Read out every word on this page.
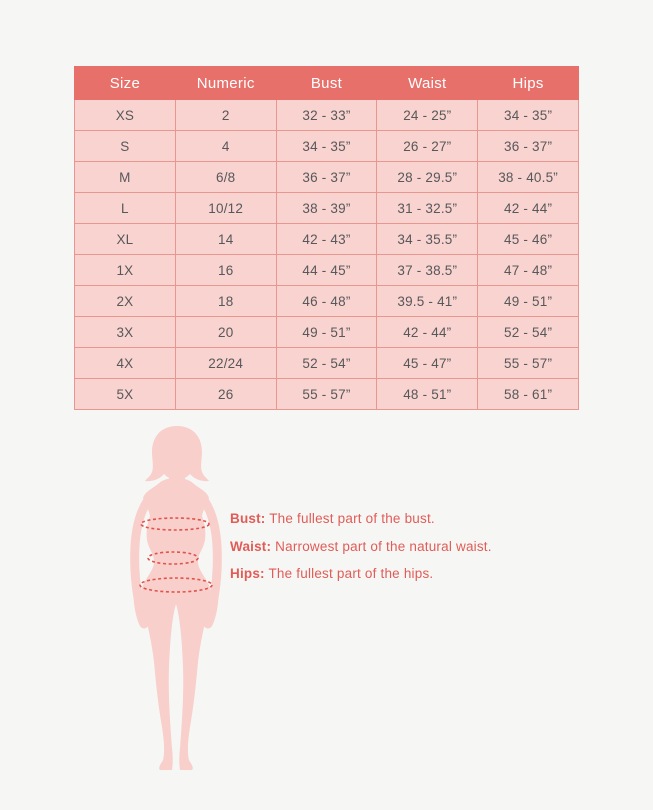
Size	Numeric	Bust	Waist	Hips
XS	2	32 - 33”	24 - 25”	34 - 35”
S	4	34 - 35”	26 - 27”	36 - 37”
M	6/8	36 - 37”	28 - 29.5”	38 - 40.5”
L	10/12	38 - 39”	31 - 32.5”	42 - 44”
XL	14	42 - 43”	34 - 35.5”	45 - 46”
1X	16	44 - 45”	37 - 38.5”	47 - 48”
2X	18	46 - 48”	39.5 - 41”	49 - 51”
3X	20	49 - 51”	42 - 44”	52 - 54”
4X	22/24	52 - 54”	45 - 47”	55 - 57”
5X	26	55 - 57”	48 - 51”	58 - 61”
Bust: The fullest part of the bust.
Waist: Narrowest part of the natural waist.
Hips: The fullest part of the hips.
